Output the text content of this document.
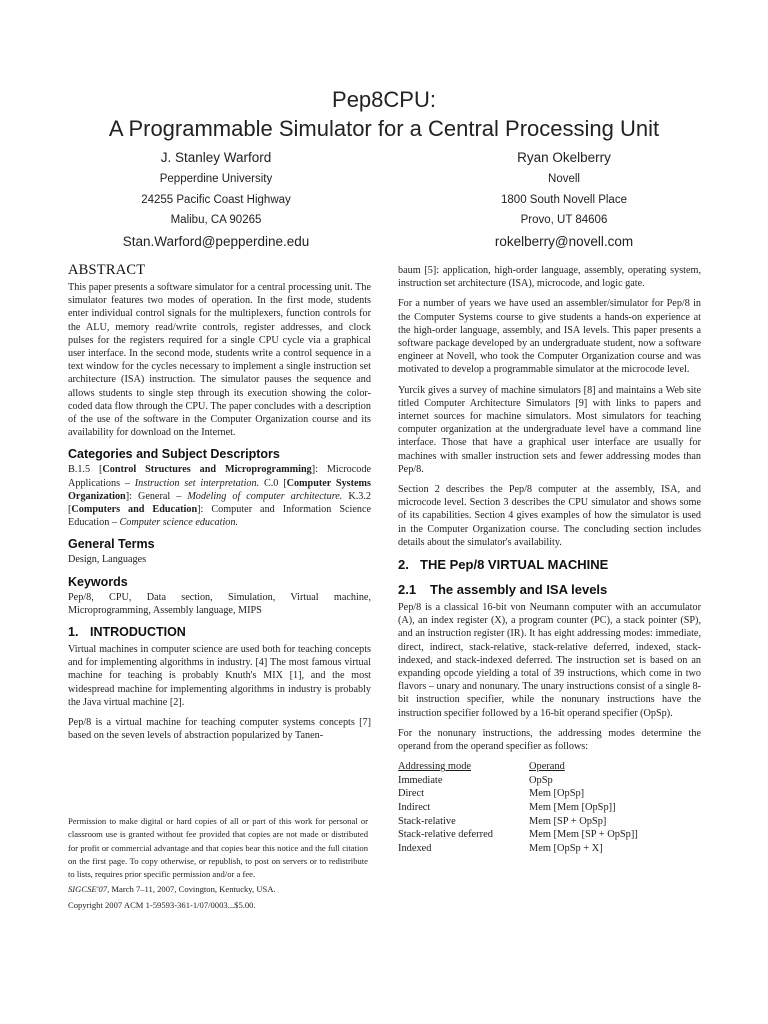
Pep8CPU:
A Programmable Simulator for a Central Processing Unit
J. Stanley Warford
Pepperdine University
24255 Pacific Coast Highway
Malibu, CA 90265
Stan.Warford@pepperdine.edu
Ryan Okelberry
Novell
1800 South Novell Place
Provo, UT 84606
rokelberry@novell.com
ABSTRACT

This paper presents a software simulator for a central processing unit. The simulator features two modes of operation. In the first mode, students enter individual control signals for the multiplexers, function controls for the ALU, memory read/write controls, register addresses, and clock pulses for the registers required for a single CPU cycle via a graphical user interface. In the second mode, students write a control sequence in a text window for the cycles necessary to implement a single instruction set architecture (ISA) instruction. The simulator pauses the sequence and allows students to single step through its execution showing the color-coded data flow through the CPU. The paper concludes with a description of the use of the software in the Computer Organization course and its availability for download on the Internet.

Categories and Subject Descriptors

B.1.5 [Control Structures and Microprogramming]: Microcode Applications – Instruction set interpretation. C.0 [Computer Systems Organization]: General – Modeling of computer architecture. K.3.2 [Computers and Education]: Computer and Information Science Education – Computer science education.

General Terms

Design, Languages

Keywords

Pep/8, CPU, Data section, Simulation, Virtual machine, Microprogramming, Assembly language, MIPS

1. INTRODUCTION

Virtual machines in computer science are used both for teaching concepts and for implementing algorithms in industry. [4] The most famous virtual machine for teaching is probably Knuth's MIX [1], and the most widespread machine for implementing algorithms in industry is probably the Java virtual machine [2].

Pep/8 is a virtual machine for teaching computer systems concepts [7] based on the seven levels of abstraction popularized by Tanen-

Permission to make digital or hard copies of all or part of this work for personal or classroom use is granted without fee provided that copies are not made or distributed for profit or commercial advantage and that copies bear this notice and the full citation on the first page. To copy otherwise, or republish, to post on servers or to redistribute to lists, requires prior specific permission and/or a fee.

SIGCSE'07, March 7–11, 2007, Covington, Kentucky, USA.

Copyright 2007 ACM 1-59593-361-1/07/0003...$5.00.

baum [5]: application, high-order language, assembly, operating system, instruction set architecture (ISA), microcode, and logic gate.

For a number of years we have used an assembler/simulator for Pep/8 in the Computer Systems course to give students a hands-on experience at the high-order language, assembly, and ISA levels. This paper presents a software package developed by an undergraduate student, now a software engineer at Novell, who took the Computer Organization course and was motivated to develop a programmable simulator at the microcode level.

Yurcik gives a survey of machine simulators [8] and maintains a Web site titled Computer Architecture Simulators [9] with links to papers and internet sources for machine simulators. Most simulators for teaching computer organization at the undergraduate level have a command line interface. Those that have a graphical user interface are usually for machines with smaller instruction sets and fewer addressing modes than Pep/8.

Section 2 describes the Pep/8 computer at the assembly, ISA, and microcode level. Section 3 describes the CPU simulator and shows some of its capabilities. Section 4 gives examples of how the simulator is used in the Computer Organization course. The concluding section includes details about the simulator's availability.

2. THE Pep/8 VIRTUAL MACHINE
2.1 The assembly and ISA levels

Pep/8 is a classical 16-bit von Neumann computer with an accumulator (A), an index register (X), a program counter (PC), a stack pointer (SP), and an instruction register (IR). It has eight addressing modes: immediate, direct, indirect, stack-relative, stack-relative deferred, indexed, stack-indexed, and stack-indexed deferred. The instruction set is based on an expanding opcode yielding a total of 39 instructions, which come in two flavors – unary and nonunary. The unary instructions consist of a single 8-bit instruction specifier, while the nonunary instructions have the instruction specifier followed by a 16-bit operand specifier (OpSp).

For the nonunary instructions, the addressing modes determine the operand from the operand specifier as follows:

Addressing mode	Operand
Immediate	OpSp
Direct	Mem [OpSp]
Indirect	Mem [Mem [OpSp]]
Stack-relative	Mem [SP + OpSp]
Stack-relative deferred	Mem [Mem [SP + OpSp]]
Indexed	Mem [OpSp + X]
